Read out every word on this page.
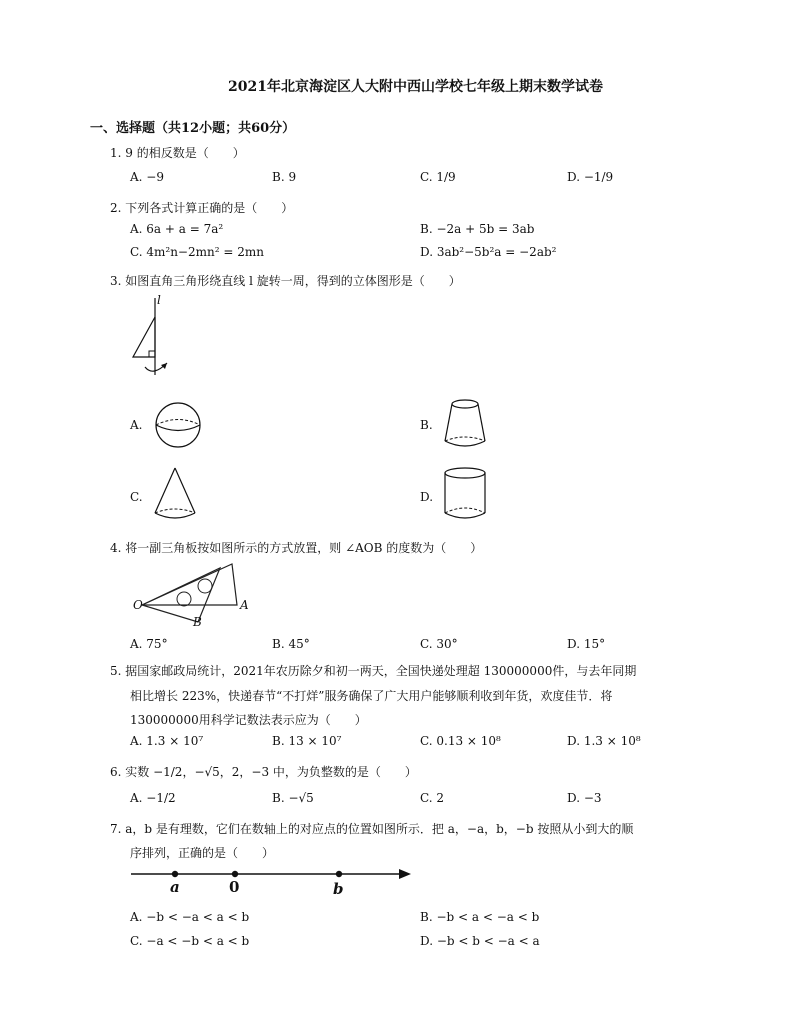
2021年北京海淀区人大附中西山学校七年级上期末数学试卷
一、选择题（共12小题；共60分）
1. 9 的相反数是（　　）
A. −9	B. 9	C. 1/9	D. −1/9
2. 下列各式计算正确的是（　　）
A. 6a + a = 7a²	B. −2a + 5b = 3ab
C. 4m²n−2mn² = 2mn	D. 3ab²−5b²a = −2ab²
3. 如图直角三角形绕直线 l 旋转一周，得到的立体图形是（　　）
l
A.	B.
C.	D.
4. 将一副三角板按如图所示的方式放置，则 ∠AOB 的度数为（　　）
O	A
B
A. 75°	B. 45°	C. 30°	D. 15°
5. 据国家邮政局统计，2021年农历除夕和初一两天，全国快递处理超 130000000件，与去年同期
相比增长 223%，快递春节“不打烊”服务确保了广大用户能够顺利收到年货，欢度佳节．将
130000000用科学记数法表示应为（　　）
A. 1.3 × 10⁷	B. 13 × 10⁷	C. 0.13 × 10⁸	D. 1.3 × 10⁸
6. 实数 −1/2，−√5，2，−3 中，为负整数的是（　　）
A. −1/2	B. −√5	C. 2	D. −3
7. a，b 是有理数，它们在数轴上的对应点的位置如图所示．把 a，−a，b，−b 按照从小到大的顺
序排列，正确的是（　　）
a	0	b
A. −b < −a < a < b	B. −b < a < −a < b
C. −a < −b < a < b	D. −b < b < −a < a
